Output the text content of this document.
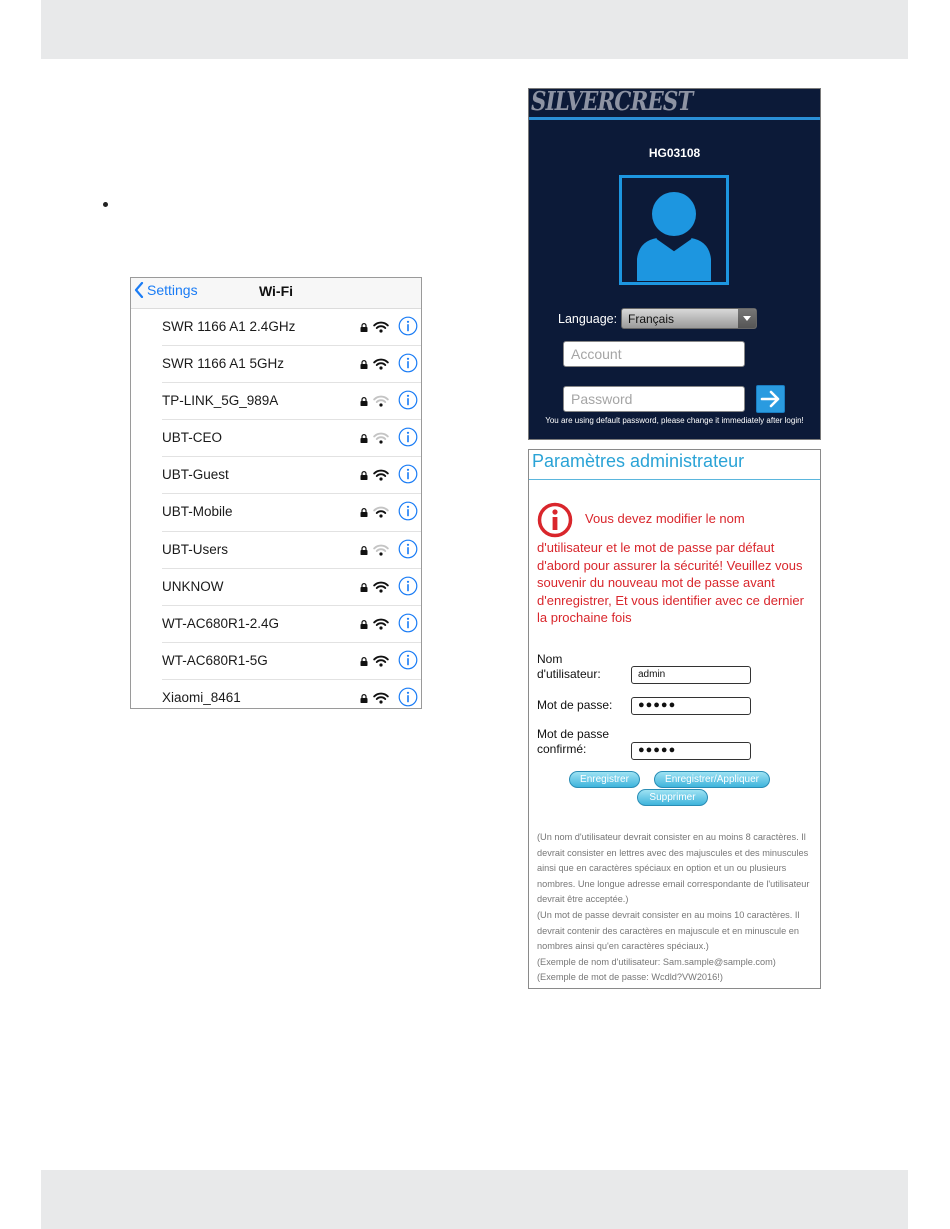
Settings	Wi-Fi
SWR 1166 A1 2.4GHz
SWR 1166 A1 5GHz
TP-LINK_5G_989A
UBT-CEO
UBT-Guest
UBT-Mobile
UBT-Users
UNKNOW
WT-AC680R1-2.4G
WT-AC680R1-5G
Xiaomi_8461
SILVERCREST
HG03108
Language: Français
Account
You are using default password, please change it immediately after login!
Paramètres administrateur
Vous devez modifier le nom
d'utilisateur et le mot de passe par défaut d'abord pour assurer la sécurité! Veuillez vous souvenir du nouveau mot de passe avant d'enregistrer, Et vous identifier avec ce dernier la prochaine fois
Nom d'utilisateur:	admin
Mot de passe:	●●●●●
Mot de passe confirmé:	●●●●●
Enregistrer	Enregistrer/Appliquer
Supprimer
(Un nom d'utilisateur devrait consister en au moins 8 caractères. Il devrait consister en lettres avec des majuscules et des minuscules ainsi que en caractères spéciaux en option et un ou plusieurs nombres. Une longue adresse email correspondante de l'utilisateur devrait être acceptée.)
(Un mot de passe devrait consister en au moins 10 caractères. Il devrait contenir des caractères en majuscule et en minuscule en nombres ainsi qu'en caractères spéciaux.)
(Exemple de nom d'utilisateur: Sam.sample@sample.com)
(Exemple de mot de passe: Wcdld?VW2016!)
